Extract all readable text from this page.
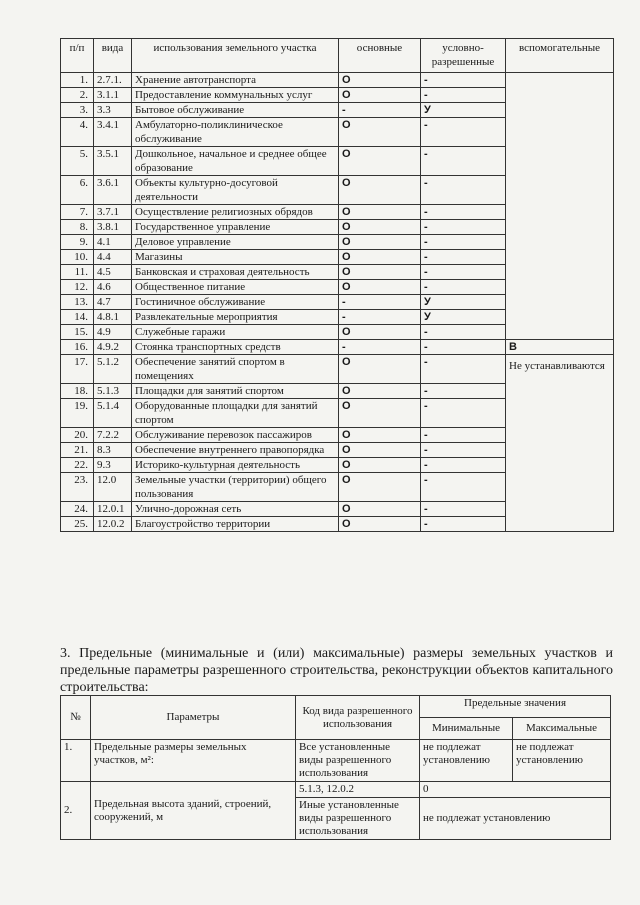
п/п	вида	использования земельного участка	основные	условно-разрешенные	вспомогательные
1.	2.7.1.	Хранение автотранспорта	О	-	
2.	3.1.1	Предоставление коммунальных услуг	О	-	
3.	3.3	Бытовое обслуживание	-	У	
4.	3.4.1	Амбулаторно-поликлиническое обслуживание	О	-	
5.	3.5.1	Дошкольное, начальное и среднее общее образование	О	-	
6.	3.6.1	Объекты культурно-досуговой деятельности	О	-	
7.	3.7.1	Осуществление религиозных обрядов	О	-	
8.	3.8.1	Государственное управление	О	-	
9.	4.1	Деловое управление	О	-	
10.	4.4	Магазины	О	-	
11.	4.5	Банковская и страховая деятельность	О	-	
12.	4.6	Общественное питание	О	-	
13.	4.7	Гостиничное обслуживание	-	У	
14.	4.8.1	Развлекательные мероприятия	-	У	
15.	4.9	Служебные гаражи	О	-	
16.	4.9.2	Стоянка транспортных средств	-	-	В
17.	5.1.2	Обеспечение занятий спортом в помещениях	О	-	Не устанавливаются
18.	5.1.3	Площадки для занятий спортом	О	-	
19.	5.1.4	Оборудованные площадки для занятий спортом	О	-	
20.	7.2.2	Обслуживание перевозок пассажиров	О	-	
21.	8.3	Обеспечение внутреннего правопорядка	О	-	
22.	9.3	Историко-культурная деятельность	О	-	
23.	12.0	Земельные участки (территории) общего пользования	О	-	
24.	12.0.1	Улично-дорожная сеть	О	-	
25.	12.0.2	Благоустройство территории	О	-	
3. Предельные (минимальные и (или) максимальные) размеры земельных участков и предельные параметры разрешенного строительства, реконструкции объектов капитального строительства:
№	Параметры	Код вида разрешенного использования	Предельные значения	
			Минимальные	Максимальные
1.	Предельные размеры земельных участков, м²:	Все установленные виды разрешенного использования	не подлежат установлению	не подлежат установлению
2.	Предельная высота зданий, строений, сооружений, м	5.1.3, 12.0.2	0	
		Иные установленные виды разрешенного использования	не подлежат установлению	
